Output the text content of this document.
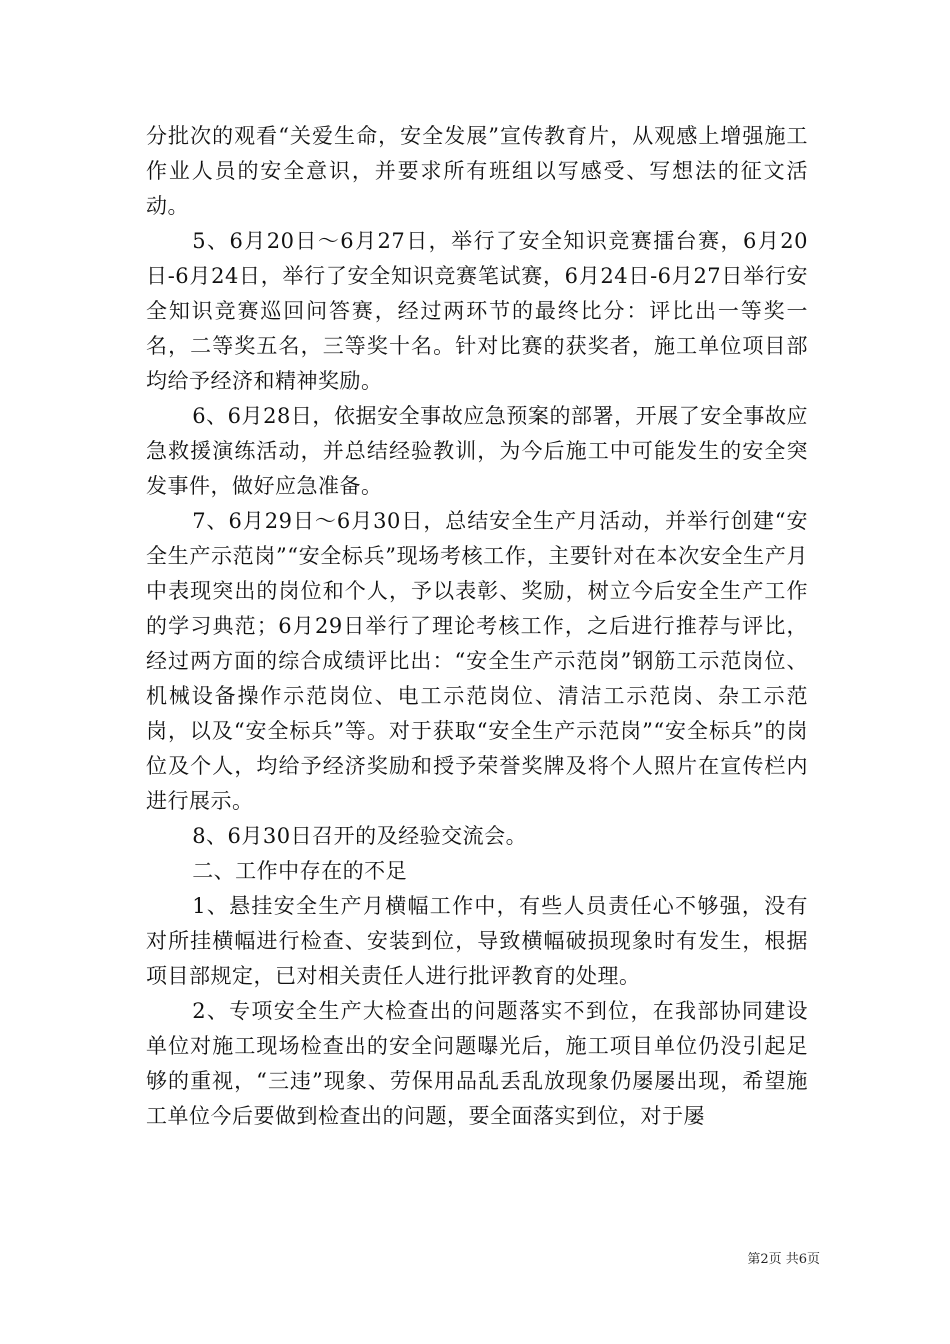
分批次的观看“关爱生命，安全发展”宣传教育片，从观感上增强施工作业人员的安全意识，并要求所有班组以写感受、写想法的征文活动。

5、6月20日～6月27日，举行了安全知识竞赛擂台赛，6月20日-6月24日，举行了安全知识竞赛笔试赛，6月24日-6月27日举行安全知识竞赛巡回问答赛，经过两环节的最终比分：评比出一等奖一名，二等奖五名，三等奖十名。针对比赛的获奖者，施工单位项目部均给予经济和精神奖励。

6、6月28日，依据安全事故应急预案的部署，开展了安全事故应急救援演练活动，并总结经验教训，为今后施工中可能发生的安全突发事件，做好应急准备。

7、6月29日～6月30日，总结安全生产月活动，并举行创建“安全生产示范岗”“安全标兵”现场考核工作，主要针对在本次安全生产月中表现突出的岗位和个人，予以表彰、奖励，树立今后安全生产工作的学习典范；6月29日举行了理论考核工作，之后进行推荐与评比，经过两方面的综合成绩评比出：“安全生产示范岗”钢筋工示范岗位、机械设备操作示范岗位、电工示范岗位、清洁工示范岗、杂工示范岗，以及“安全标兵”等。对于获取“安全生产示范岗”“安全标兵”的岗位及个人，均给予经济奖励和授予荣誉奖牌及将个人照片在宣传栏内进行展示。

8、6月30日召开的及经验交流会。

二、工作中存在的不足

1、悬挂安全生产月横幅工作中，有些人员责任心不够强，没有对所挂横幅进行检查、安装到位，导致横幅破损现象时有发生，根据项目部规定，已对相关责任人进行批评教育的处理。

2、专项安全生产大检查出的问题落实不到位，在我部协同建设单位对施工现场检查出的安全问题曝光后，施工项目单位仍没引起足够的重视，“三违”现象、劳保用品乱丢乱放现象仍屡屡出现，希望施工单位今后要做到检查出的问题，要全面落实到位，对于屡

第2页 共6页
